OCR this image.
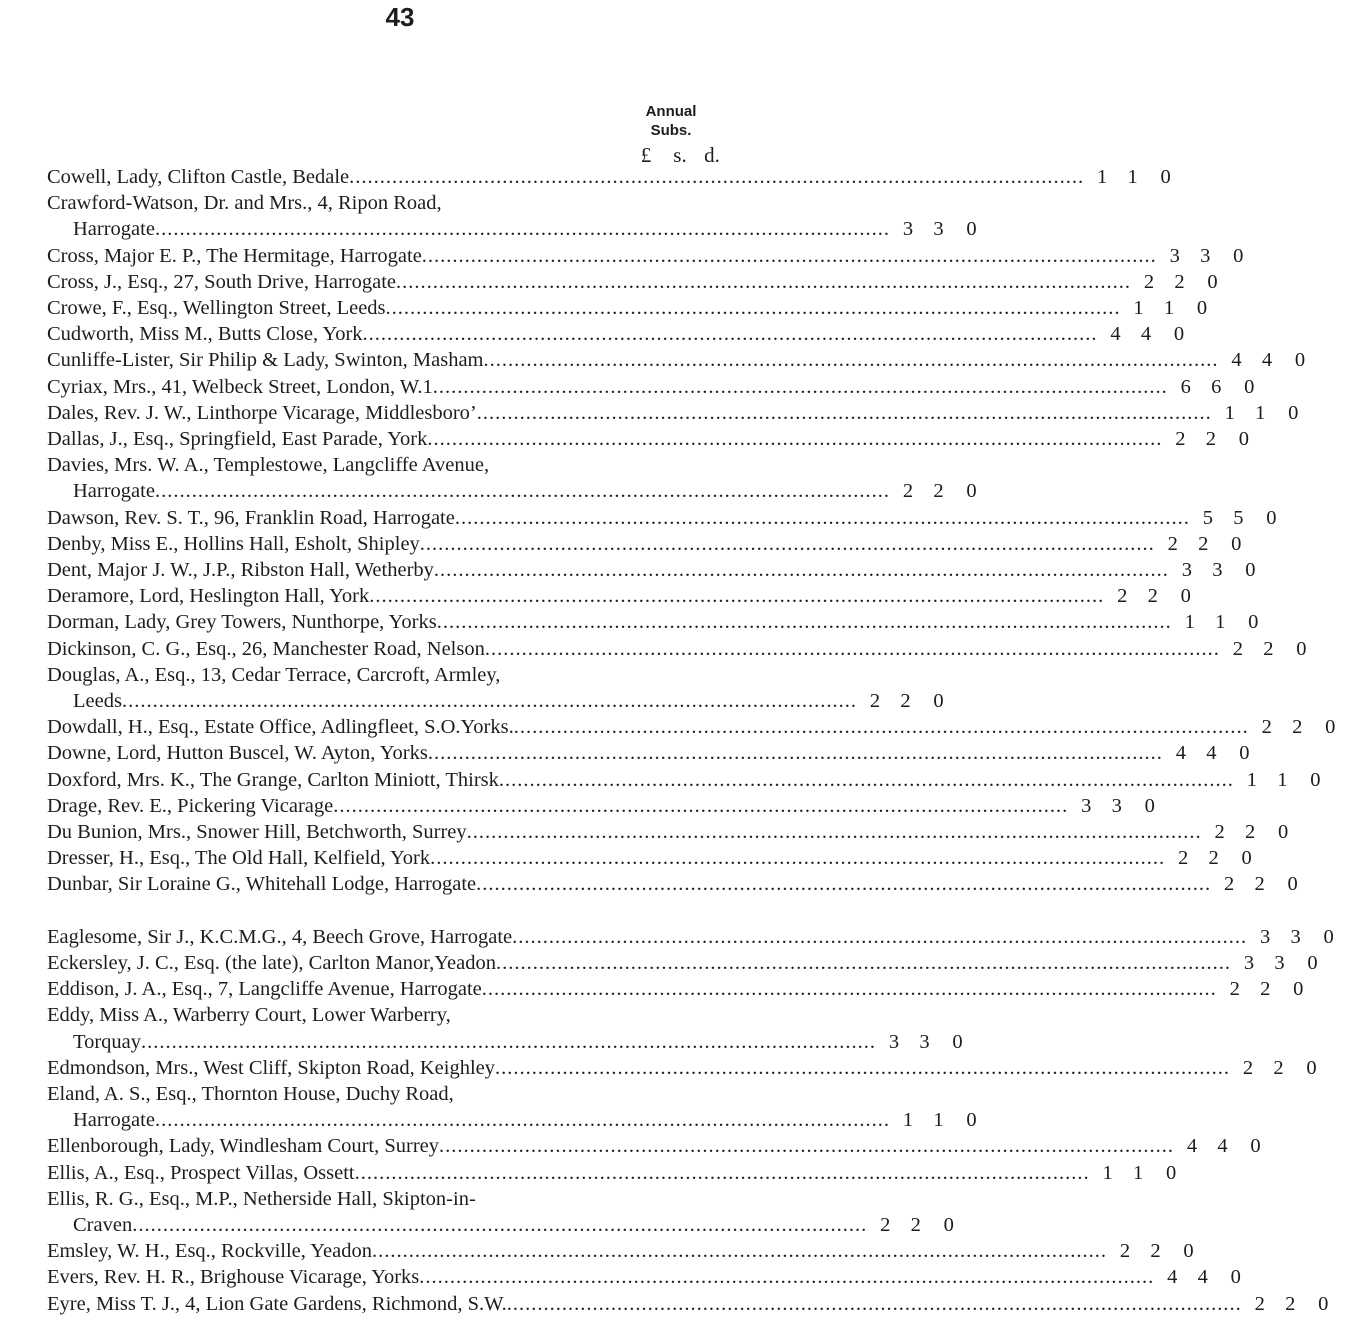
43
Annual
Subs.
£	s. d.
Cowell, Lady, Clifton Castle, Bedale ........................................................................................................................ 1 1	0
Crawford-Watson, Dr. and Mrs., 4, Ripon Road,
Harrogate ........................................................................................................................ 3 3	0
Cross, Major E. P., The Hermitage, Harrogate ........................................................................................................................ 3 3	0
Cross, J., Esq., 27, South Drive, Harrogate ........................................................................................................................ 2 2	0
Crowe, F., Esq., Wellington Street, Leeds ........................................................................................................................ 1 1	0
Cudworth, Miss M., Butts Close, York ........................................................................................................................ 4 4	0
Cunliffe-Lister, Sir Philip & Lady, Swinton, Masham ........................................................................................................................ 4 4	0
Cyriax, Mrs., 41, Welbeck Street, London, W.1 ........................................................................................................................ 6 6	0
Dales, Rev. J. W., Linthorpe Vicarage, Middlesboro’ ........................................................................................................................ 1 1	0
Dallas, J., Esq., Springfield, East Parade, York ........................................................................................................................ 2 2	0
Davies, Mrs. W. A., Templestowe, Langcliffe Avenue,
Harrogate ........................................................................................................................ 2 2	0
Dawson, Rev. S. T., 96, Franklin Road, Harrogate ........................................................................................................................ 5 5	0
Denby, Miss E., Hollins Hall, Esholt, Shipley ........................................................................................................................ 2 2	0
Dent, Major J. W., J.P., Ribston Hall, Wetherby ........................................................................................................................ 3 3	0
Deramore, Lord, Heslington Hall, York ........................................................................................................................ 2 2	0
Dorman, Lady, Grey Towers, Nunthorpe, Yorks ........................................................................................................................ 1 1	0
Dickinson, C. G., Esq., 26, Manchester Road, Nelson ........................................................................................................................ 2 2	0
Douglas, A., Esq., 13, Cedar Terrace, Carcroft, Armley,
Leeds ........................................................................................................................ 2 2	0
Dowdall, H., Esq., Estate Office, Adlingfleet, S.O.Yorks. ........................................................................................................................ 2 2	0
Downe, Lord, Hutton Buscel, W. Ayton, Yorks ........................................................................................................................ 4 4	0
Doxford, Mrs. K., The Grange, Carlton Miniott, Thirsk ........................................................................................................................ 1 1	0
Drage, Rev. E., Pickering Vicarage ........................................................................................................................ 3 3	0
Du Bunion, Mrs., Snower Hill, Betchworth, Surrey ........................................................................................................................ 2 2	0
Dresser, H., Esq., The Old Hall, Kelfield, York ........................................................................................................................ 2 2	0
Dunbar, Sir Loraine G., Whitehall Lodge, Harrogate ........................................................................................................................ 2 2	0
Eaglesome, Sir J., K.C.M.G., 4, Beech Grove, Harrogate ........................................................................................................................ 3 3	0
Eckersley, J. C., Esq. (the late), Carlton Manor,Yeadon ........................................................................................................................ 3 3	0
Eddison, J. A., Esq., 7, Langcliffe Avenue, Harrogate ........................................................................................................................ 2 2	0
Eddy, Miss A., Warberry Court, Lower Warberry,
Torquay ........................................................................................................................ 3 3	0
Edmondson, Mrs., West Cliff, Skipton Road, Keighley ........................................................................................................................ 2 2	0
Eland, A. S., Esq., Thornton House, Duchy Road,
Harrogate ........................................................................................................................ 1 1	0
Ellenborough, Lady, Windlesham Court, Surrey ........................................................................................................................ 4 4	0
Ellis, A., Esq., Prospect Villas, Ossett ........................................................................................................................ 1 1	0
Ellis, R. G., Esq., M.P., Netherside Hall, Skipton-in-
Craven ........................................................................................................................ 2 2	0
Emsley, W. H., Esq., Rockville, Yeadon ........................................................................................................................ 2 2	0
Evers, Rev. H. R., Brighouse Vicarage, Yorks ........................................................................................................................ 4 4	0
Eyre, Miss T. J., 4, Lion Gate Gardens, Richmond, S.W. ........................................................................................................................ 2 2	0
